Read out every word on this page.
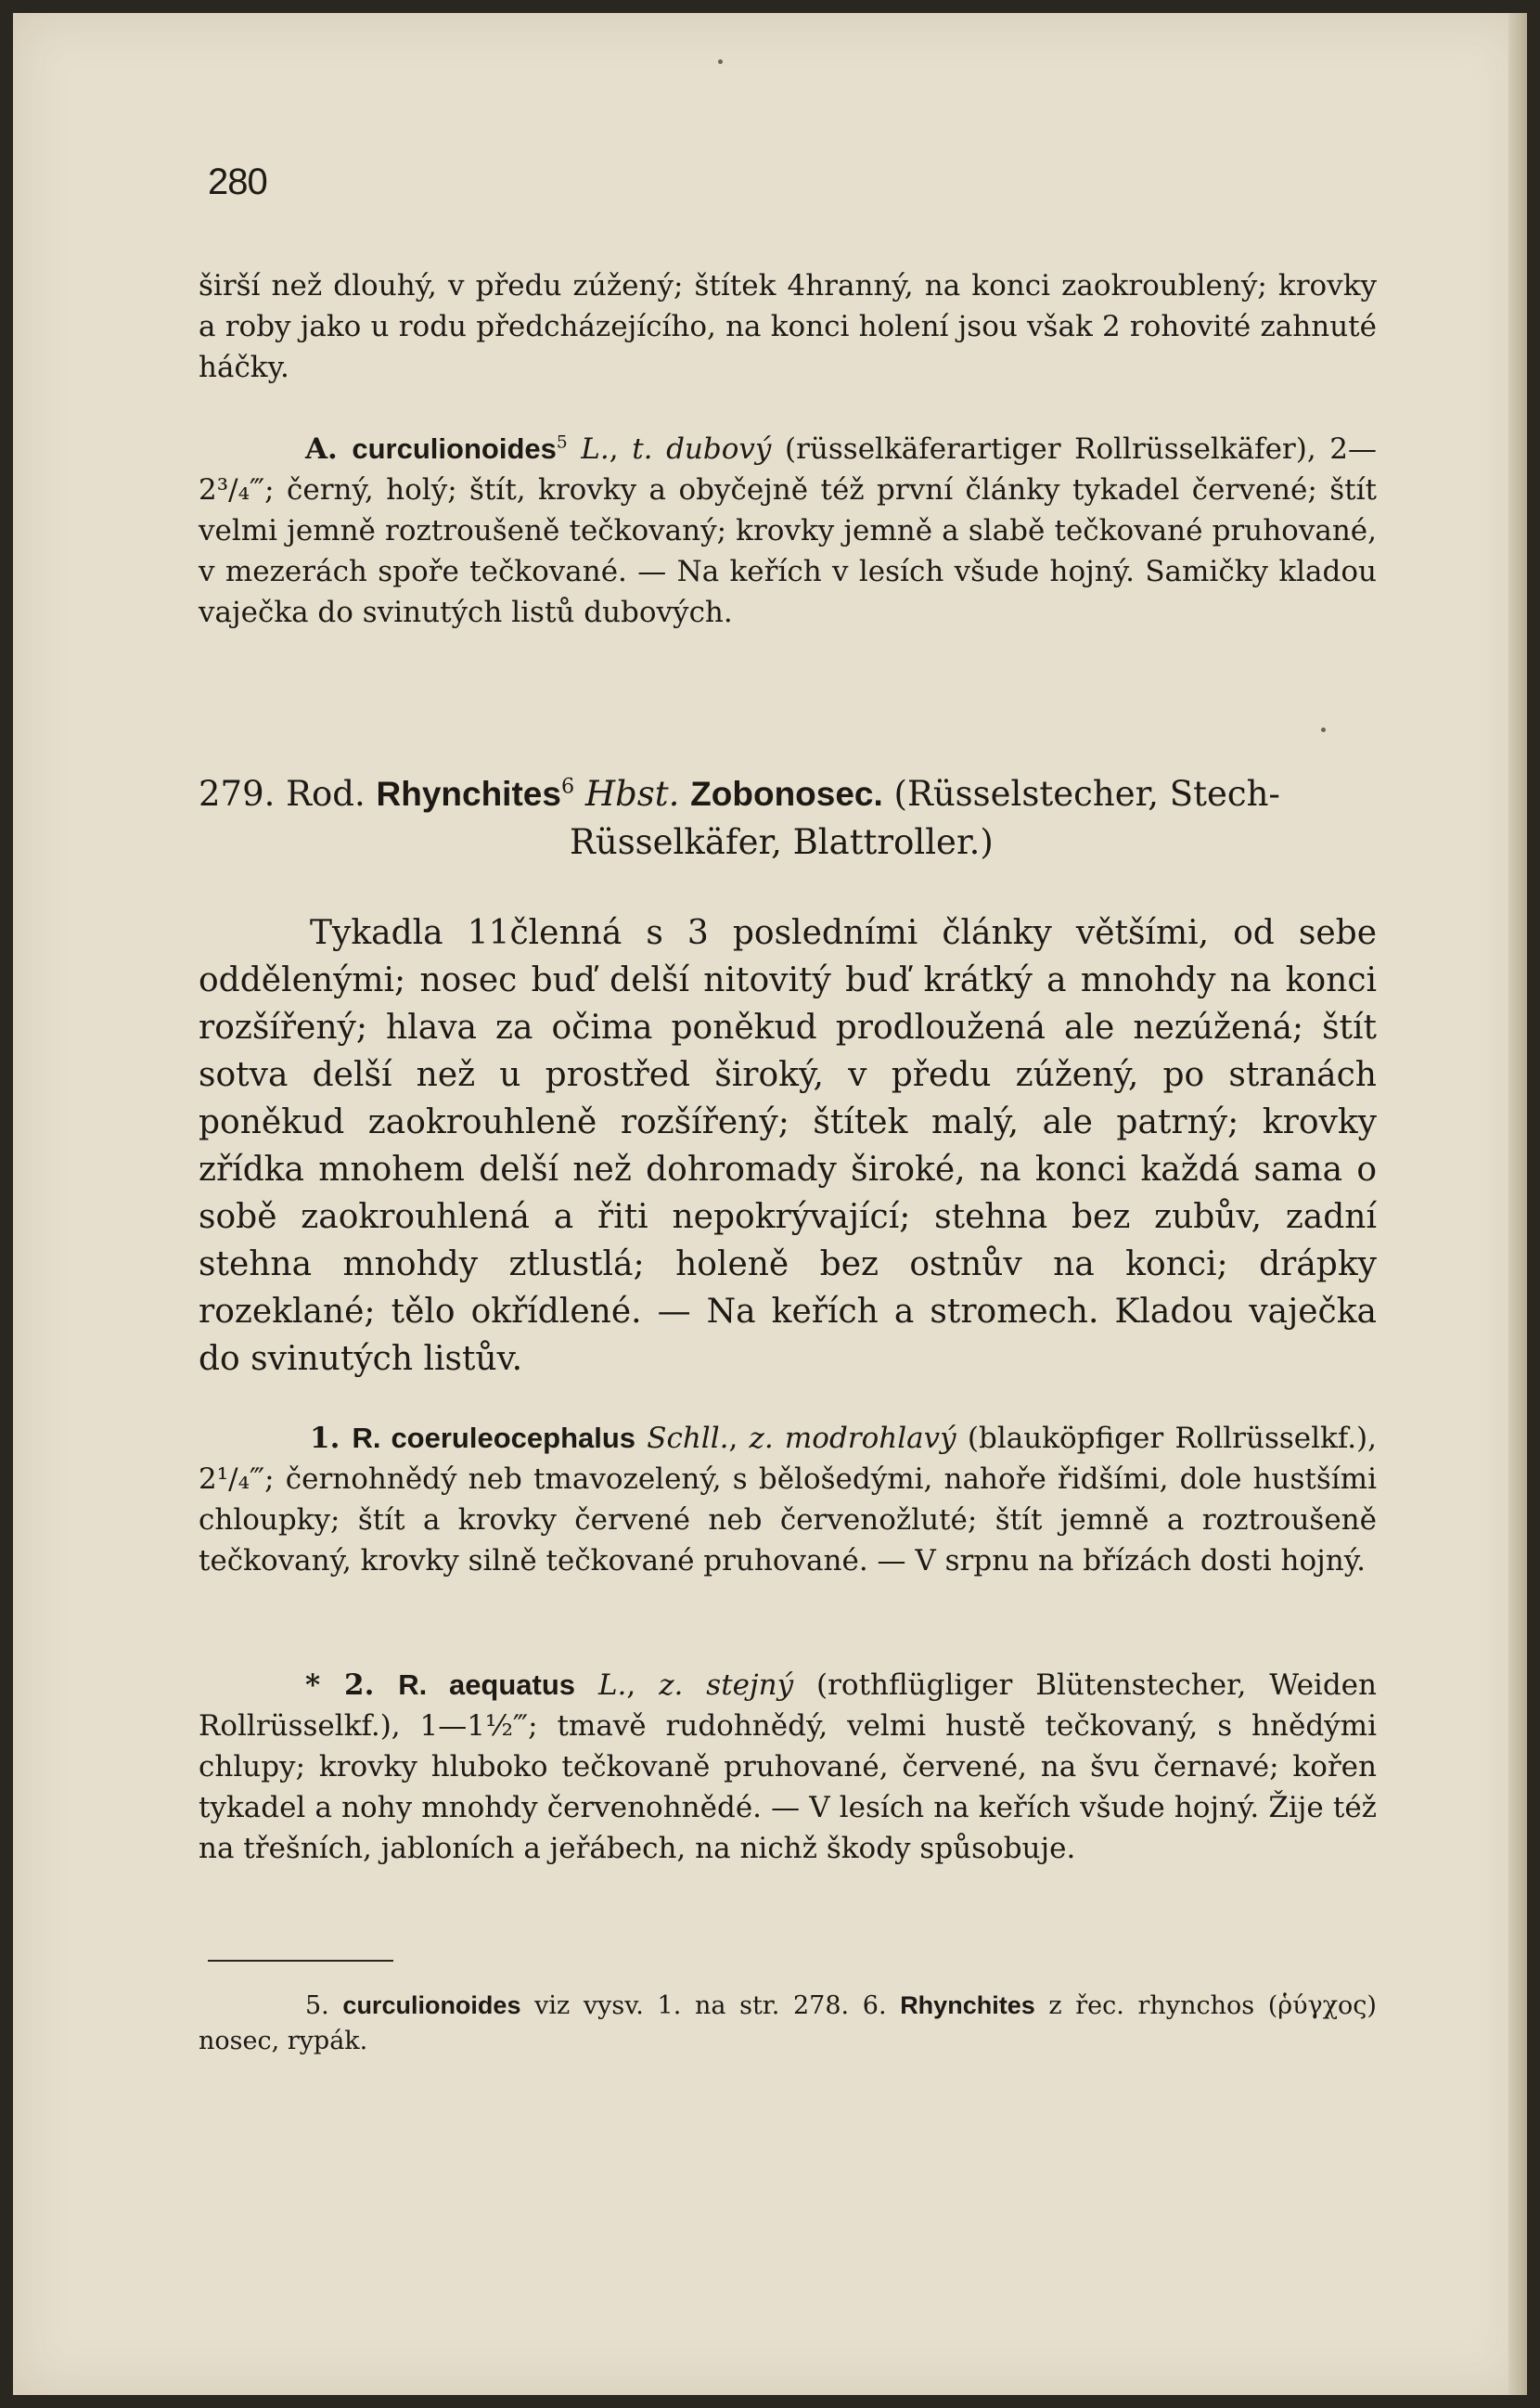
280

širší než dlouhý, v předu zúžený; štítek 4hranný, na konci zaokroublený; krovky a roby jako u rodu předcházejícího, na konci holení jsou však 2 rohovité zahnuté háčky.

A. curculionoides$^5$ L., t. dubový (rüsselkäferartiger Rollrüsselkäfer), 2—2³/₄‴; černý, holý; štít, krovky a obyčejně též první články tykadel červené; štít velmi jemně roztroušeně tečkovaný; krovky jemně a slabě tečkované pruhované, v mezerách spoře tečkované. — Na keřích v lesích všude hojný. Samičky kladou vaječka do svinutých listů dubových.

279. Rod. Rhynchites$^6$ Hbst. Zobonosec. (Rüsselstecher, Stech-

Rüsselkäfer, Blattroller.)

Tykadla 11členná s 3 posledními články většími, od sebe oddělenými; nosec buď delší nitovitý buď krátký a mnohdy na konci rozšířený; hlava za očima poněkud prodloužená ale nezúžená; štít sotva delší než u prostřed široký, v předu zúžený, po stranách poněkud zaokrouhleně rozšířený; štítek malý, ale patrný; krovky zřídka mnohem delší než dohromady široké, na konci každá sama o sobě zaokrouhlená a řiti nepokrývající; stehna bez zubův, zadní stehna mnohdy ztlustlá; holeně bez ostnův na konci; drápky rozeklané; tělo okřídlené. — Na keřích a stromech. Kladou vaječka do svinutých listův.

1. R. coeruleocephalus Schll., z. modrohlavý (blauköpfiger Rollrüsselkf.), 2¹/₄‴; černohnědý neb tmavozelený, s bělošedými, nahoře řidšími, dole hustšími chloupky; štít a krovky červené neb červenožluté; štít jemně a roztroušeně tečkovaný, krovky silně tečkované pruhované. — V srpnu na břízách dosti hojný.

* 2. R. aequatus L., z. stejný (rothflügliger Blütenstecher, Weiden Rollrüsselkf.), 1—1½‴; tmavě rudohnědý, velmi hustě tečkovaný, s hnědými chlupy; krovky hluboko tečkovaně pruhované, červené, na švu černavé; kořen tykadel a nohy mnohdy červenohnědé. — V lesích na keřích všude hojný. Žije též na třešních, jabloních a jeřábech, na nichž škody spůsobuje.

5. curculionoides viz vysv. 1. na str. 278. 6. Rhynchites z řec. rhynchos (ῥύγχος) nosec, rypák.
